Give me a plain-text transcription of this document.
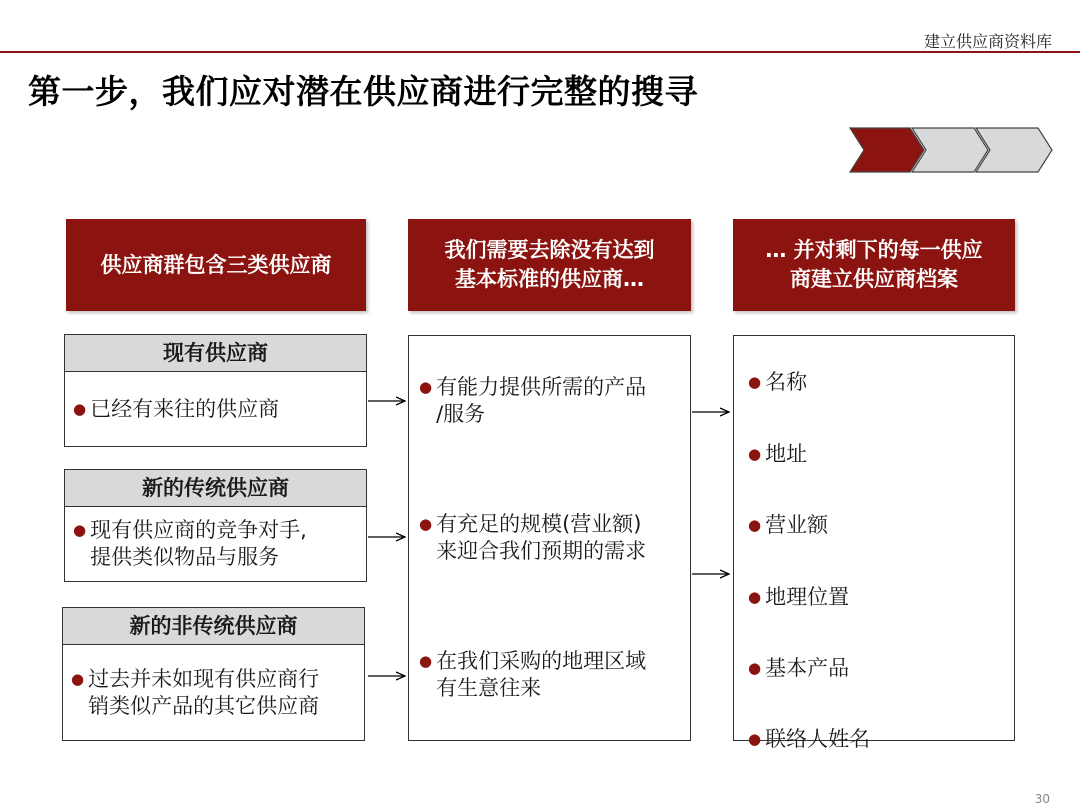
建立供应商资料库
第一步，我们应对潜在供应商进行完整的搜寻
供应商群包含三类供应商
我们需要去除没有达到
基本标准的供应商…
… 并对剩下的每一供应
商建立供应商档案
现有供应商
● 已经有来往的供应商
新的传统供应商
● 现有供应商的竞争对手,
提供类似物品与服务
新的非传统供应商
● 过去并未如现有供应商行
销类似产品的其它供应商
● 有能力提供所需的产品
/服务
● 有充足的规模(营业额)
来迎合我们预期的需求
● 在我们采购的地理区域
有生意往来
● 名称
● 地址
● 营业额
● 地理位置
● 基本产品
● 联络人姓名
30
